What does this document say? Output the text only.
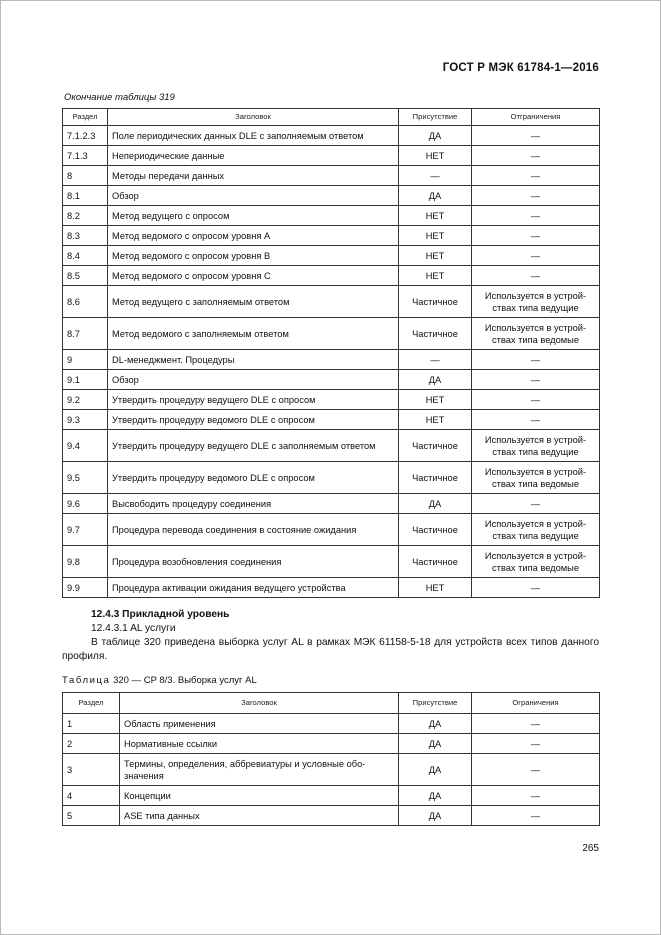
ГОСТ Р МЭК 61784-1—2016
Окончание таблицы 319
Раздел	Заголовок	Присутствие	Отграничения
7.1.2.3	Поле периодических данных DLE с заполняемым ответом	ДА	—
7.1.3	Непериодические данные	НЕТ	—
8	Методы передачи данных	—	—
8.1	Обзор	ДА	—
8.2	Метод ведущего с опросом	НЕТ	—
8.3	Метод ведомого с опросом уровня А	НЕТ	—
8.4	Метод ведомого с опросом уровня В	НЕТ	—
8.5	Метод ведомого с опросом уровня С	НЕТ	—
8.6	Метод ведущего с заполняемым ответом	Частичное	Используется в устрой-ствах типа ведущие
8.7	Метод ведомого с заполняемым ответом	Частичное	Используется в устрой-ствах типа ведомые
9	DL-менеджмент. Процедуры	—	—
9.1	Обзор	ДА	—
9.2	Утвердить процедуру ведущего DLE с опросом	НЕТ	—
9.3	Утвердить процедуру ведомого DLE с опросом	НЕТ	—
9.4	Утвердить процедуру ведущего DLE с заполняемым ответом	Частичное	Используется в устрой-ствах типа ведущие
9.5	Утвердить процедуру ведомого DLE с опросом	Частичное	Используется в устрой-ствах типа ведомые
9.6	Высвободить процедуру соединения	ДА	—
9.7	Процедура перевода соединения в состояние ожидания	Частичное	Используется в устрой-ствах типа ведущие
9.8	Процедура возобновления соединения	Частичное	Используется в устрой-ствах типа ведомые
9.9	Процедура активации ожидания ведущего устройства	НЕТ	—
12.4.3 Прикладной уровень
12.4.3.1 AL услуги
В таблице 320 приведена выборка услуг AL в рамках МЭК 61158-5-18 для устройств всех типов данного профиля.
Таблица 320 — CP 8/3. Выборка услуг AL
Раздел	Заголовок	Присутствие	Ограничения
1	Область применения	ДА	—
2	Нормативные ссылки	ДА	—
3	Термины, определения, аббревиатуры и условные обо-значения	ДА	—
4	Концепции	ДА	—
5	ASE типа данных	ДА	—
265
